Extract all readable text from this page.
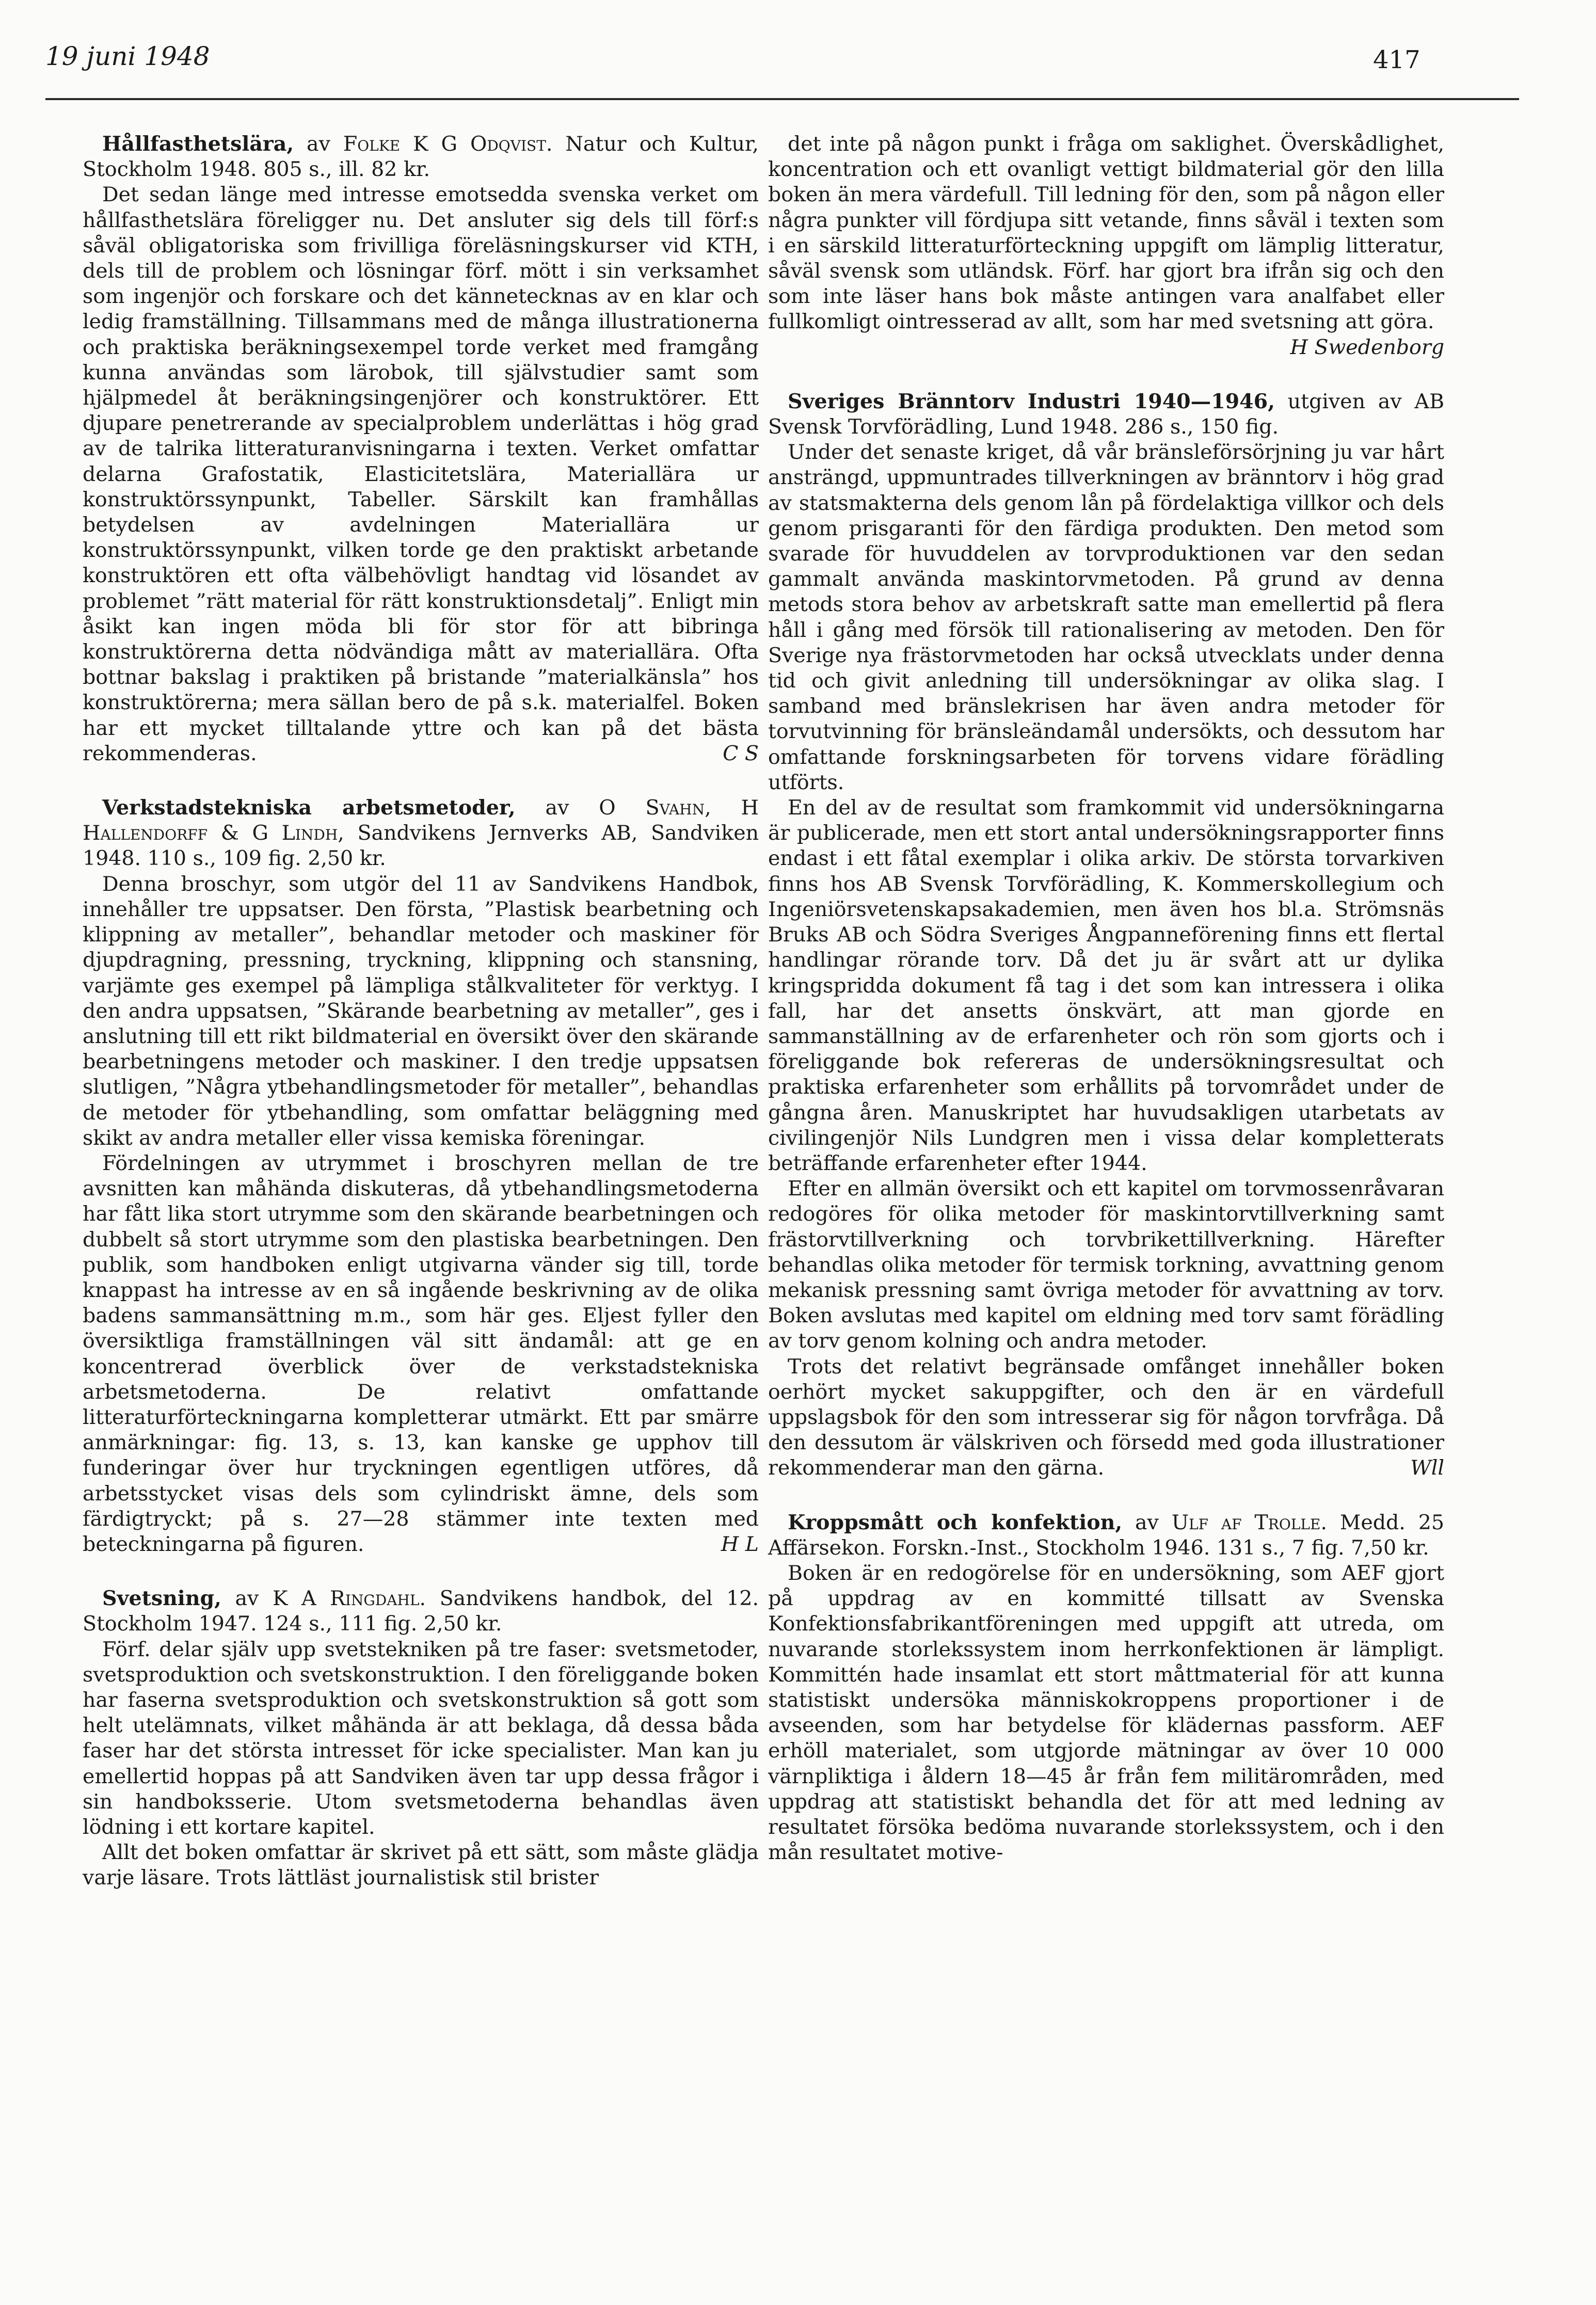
19 juni 1948	417

Hållfasthetslära, av Folke K G Odqvist. Natur och Kultur, Stockholm 1948. 805 s., ill. 82 kr.

Det sedan länge med intresse emotsedda svenska verket om hållfasthetslära föreligger nu. Det ansluter sig dels till förf:s såväl obligatoriska som frivilliga föreläsningskurser vid KTH, dels till de problem och lösningar förf. mött i sin verksamhet som ingenjör och forskare och det kännetecknas av en klar och ledig framställning. Tillsammans med de många illustrationerna och praktiska beräkningsexempel torde verket med framgång kunna användas som lärobok, till självstudier samt som hjälpmedel åt beräkningsingenjörer och konstruktörer. Ett djupare penetrerande av specialproblem underlättas i hög grad av de talrika litteraturanvisningarna i texten. Verket omfattar delarna Grafostatik, Elasticitetslära, Materiallära ur konstruktörssynpunkt, Tabeller. Särskilt kan framhållas betydelsen av avdelningen Materiallära ur konstruktörssynpunkt, vilken torde ge den praktiskt arbetande konstruktören ett ofta välbehövligt handtag vid lösandet av problemet ”rätt material för rätt konstruktionsdetalj”. Enligt min åsikt kan ingen möda bli för stor för att bibringa konstruktörerna detta nödvändiga mått av materiallära. Ofta bottnar bakslag i praktiken på bristande ”materialkänsla” hos konstruktörerna; mera sällan bero de på s.k. materialfel. Boken har ett mycket tilltalande yttre och kan på det bästa rekommenderas.	C S

Verkstadstekniska arbetsmetoder, av O Svahn, H Hallendorff & G Lindh, Sandvikens Jernverks AB, Sandviken 1948. 110 s., 109 fig. 2,50 kr.

Denna broschyr, som utgör del 11 av Sandvikens Handbok, innehåller tre uppsatser. Den första, ”Plastisk bearbetning och klippning av metaller”, behandlar metoder och maskiner för djupdragning, pressning, tryckning, klippning och stansning, varjämte ges exempel på lämpliga stålkvaliteter för verktyg. I den andra uppsatsen, ”Skärande bearbetning av metaller”, ges i anslutning till ett rikt bildmaterial en översikt över den skärande bearbetningens metoder och maskiner. I den tredje uppsatsen slutligen, ”Några ytbehandlingsmetoder för metaller”, behandlas de metoder för ytbehandling, som omfattar beläggning med skikt av andra metaller eller vissa kemiska föreningar.

Fördelningen av utrymmet i broschyren mellan de tre avsnitten kan måhända diskuteras, då ytbehandlingsmetoderna har fått lika stort utrymme som den skärande bearbetningen och dubbelt så stort utrymme som den plastiska bearbetningen. Den publik, som handboken enligt utgivarna vänder sig till, torde knappast ha intresse av en så ingående beskrivning av de olika badens sammansättning m.m., som här ges. Eljest fyller den översiktliga framställningen väl sitt ändamål: att ge en koncentrerad överblick över de verkstadstekniska arbetsmetoderna. De relativt omfattande litteraturförteckningarna kompletterar utmärkt. Ett par smärre anmärkningar: fig. 13, s. 13, kan kanske ge upphov till funderingar över hur tryckningen egentligen utföres, då arbetsstycket visas dels som cylindriskt ämne, dels som färdigtryckt; på s. 27—28 stämmer inte texten med beteckningarna på figuren.	H L

Svetsning, av K A Ringdahl. Sandvikens handbok, del 12. Stockholm 1947. 124 s., 111 fig. 2,50 kr.

Förf. delar själv upp svetstekniken på tre faser: svetsmetoder, svetsproduktion och svetskonstruktion. I den föreliggande boken har faserna svetsproduktion och svetskonstruktion så gott som helt utelämnats, vilket måhända är att beklaga, då dessa båda faser har det största intresset för icke specialister. Man kan ju emellertid hoppas på att Sandviken även tar upp dessa frågor i sin handboksserie. Utom svetsmetoderna behandlas även lödning i ett kortare kapitel.

Allt det boken omfattar är skrivet på ett sätt, som måste glädja varje läsare. Trots lättläst journalistisk stil brister

det inte på någon punkt i fråga om saklighet. Överskådlighet, koncentration och ett ovanligt vettigt bildmaterial gör den lilla boken än mera värdefull. Till ledning för den, som på någon eller några punkter vill fördjupa sitt vetande, finns såväl i texten som i en särskild litteraturförteckning uppgift om lämplig litteratur, såväl svensk som utländsk. Förf. har gjort bra ifrån sig och den som inte läser hans bok måste antingen vara analfabet eller fullkomligt ointresserad av allt, som har med svetsning att göra.
H Swedenborg

Sveriges Bränntorv Industri 1940—1946, utgiven av AB Svensk Torvförädling, Lund 1948. 286 s., 150 fig.

Under det senaste kriget, då vår bränsleförsörjning ju var hårt ansträngd, uppmuntrades tillverkningen av bränntorv i hög grad av statsmakterna dels genom lån på fördelaktiga villkor och dels genom prisgaranti för den färdiga produkten. Den metod som svarade för huvuddelen av torvproduktionen var den sedan gammalt använda maskintorvmetoden. På grund av denna metods stora behov av arbetskraft satte man emellertid på flera håll i gång med försök till rationalisering av metoden. Den för Sverige nya frästorvmetoden har också utvecklats under denna tid och givit anledning till undersökningar av olika slag. I samband med bränslekrisen har även andra metoder för torvutvinning för bränsleändamål undersökts, och dessutom har omfattande forskningsarbeten för torvens vidare förädling utförts.

En del av de resultat som framkommit vid undersökningarna är publicerade, men ett stort antal undersökningsrapporter finns endast i ett fåtal exemplar i olika arkiv. De största torvarkiven finns hos AB Svensk Torvförädling, K. Kommerskollegium och Ingeniörsvetenskapsakademien, men även hos bl.a. Strömsnäs Bruks AB och Södra Sveriges Ångpanneförening finns ett flertal handlingar rörande torv. Då det ju är svårt att ur dylika kringspridda dokument få tag i det som kan intressera i olika fall, har det ansetts önskvärt, att man gjorde en sammanställning av de erfarenheter och rön som gjorts och i föreliggande bok refereras de undersökningsresultat och praktiska erfarenheter som erhållits på torvområdet under de gångna åren. Manuskriptet har huvudsakligen utarbetats av civilingenjör Nils Lundgren men i vissa delar kompletterats beträffande erfarenheter efter 1944.

Efter en allmän översikt och ett kapitel om torvmossenråvaran redogöres för olika metoder för maskintorvtillverkning samt frästorvtillverkning och torvbrikettillverkning. Härefter behandlas olika metoder för termisk torkning, avvattning genom mekanisk pressning samt övriga metoder för avvattning av torv. Boken avslutas med kapitel om eldning med torv samt förädling av torv genom kolning och andra metoder.

Trots det relativt begränsade omfånget innehåller boken oerhört mycket sakuppgifter, och den är en värdefull uppslagsbok för den som intresserar sig för någon torvfråga. Då den dessutom är välskriven och försedd med goda illustrationer rekommenderar man den gärna.	Wll

Kroppsmått och konfektion, av Ulf af Trolle. Medd. 25 Affärsekon. Forskn.-Inst., Stockholm 1946. 131 s., 7 fig. 7,50 kr.

Boken är en redogörelse för en undersökning, som AEF gjort på uppdrag av en kommitté tillsatt av Svenska Konfektionsfabrikantföreningen med uppgift att utreda, om nuvarande storlekssystem inom herrkonfektionen är lämpligt. Kommittén hade insamlat ett stort måttmaterial för att kunna statistiskt undersöka människokroppens proportioner i de avseenden, som har betydelse för klädernas passform. AEF erhöll materialet, som utgjorde mätningar av över 10 000 värnpliktiga i åldern 18—45 år från fem militärområden, med uppdrag att statistiskt behandla det för att med ledning av resultatet försöka bedöma nuvarande storlekssystem, och i den mån resultatet motive-
